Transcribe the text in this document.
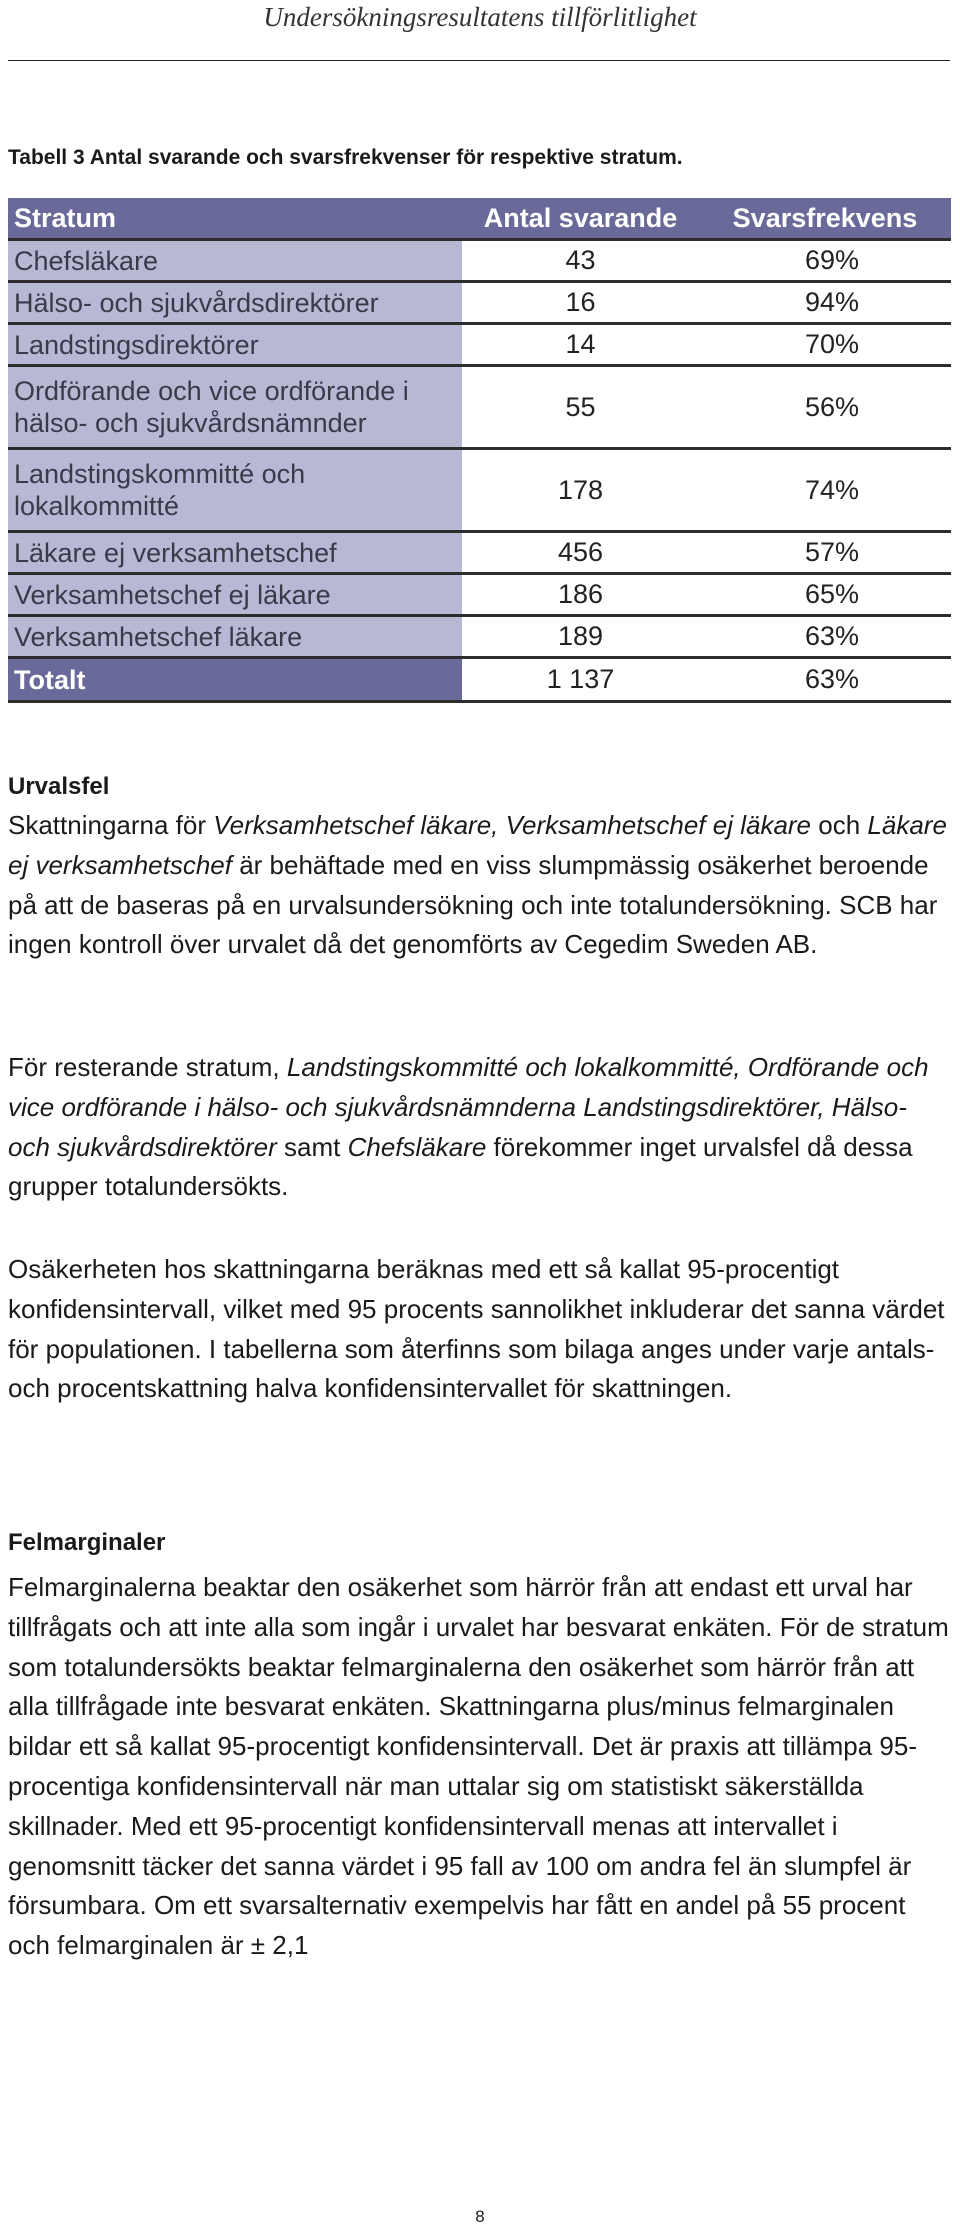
Undersökningsresultatens tillförlitlighet
Tabell 3 Antal svarande och svarsfrekvenser för respektive stratum.
Stratum	Antal svarande	Svarsfrekvens
Chefsläkare	43	69%
Hälso- och sjukvårdsdirektörer	16	94%
Landstingsdirektörer	14	70%
Ordförande och vice ordförande i
hälso- och sjukvårdsnämnder	55	56%
Landstingskommitté och
lokalkommitté	178	74%
Läkare ej verksamhetschef	456	57%
Verksamhetschef ej läkare	186	65%
Verksamhetschef läkare	189	63%
Totalt	1 137	63%
Urvalsfel

Skattningarna för Verksamhetschef läkare, Verksamhetschef ej läkare och Läkare ej verksamhetschef är behäftade med en viss slumpmässig osäkerhet beroende på att de baseras på en urvalsundersökning och inte totalundersökning. SCB har ingen kontroll över urvalet då det genomförts av Cegedim Sweden AB.

För resterande stratum, Landstingskommitté och lokalkommitté, Ordförande och vice ordförande i hälso- och sjukvårdsnämnderna Landstingsdirektörer, Hälso- och sjukvårdsdirektörer samt Chefsläkare förekommer inget urvalsfel då dessa grupper totalundersökts.

Osäkerheten hos skattningarna beräknas med ett så kallat 95-procentigt konfidensintervall, vilket med 95 procents sannolikhet inkluderar det sanna värdet för populationen. I tabellerna som återfinns som bilaga anges under varje antals- och procentskattning halva konfidensintervallet för skattningen.

Felmarginaler

Felmarginalerna beaktar den osäkerhet som härrör från att endast ett urval har tillfrågats och att inte alla som ingår i urvalet har besvarat enkäten. För de stratum som totalundersökts beaktar felmarginalerna den osäkerhet som härrör från att alla tillfrågade inte besvarat enkäten. Skattningarna plus/minus felmarginalen bildar ett så kallat 95-procentigt konfidensintervall. Det är praxis att tillämpa 95-procentiga konfidensintervall när man uttalar sig om statistiskt säkerställda skillnader. Med ett 95-procentigt konfidensintervall menas att intervallet i genomsnitt täcker det sanna värdet i 95 fall av 100 om andra fel än slumpfel är försumbara. Om ett svarsalternativ exempelvis har fått en andel på 55 procent och felmarginalen är ± 2,1

8
